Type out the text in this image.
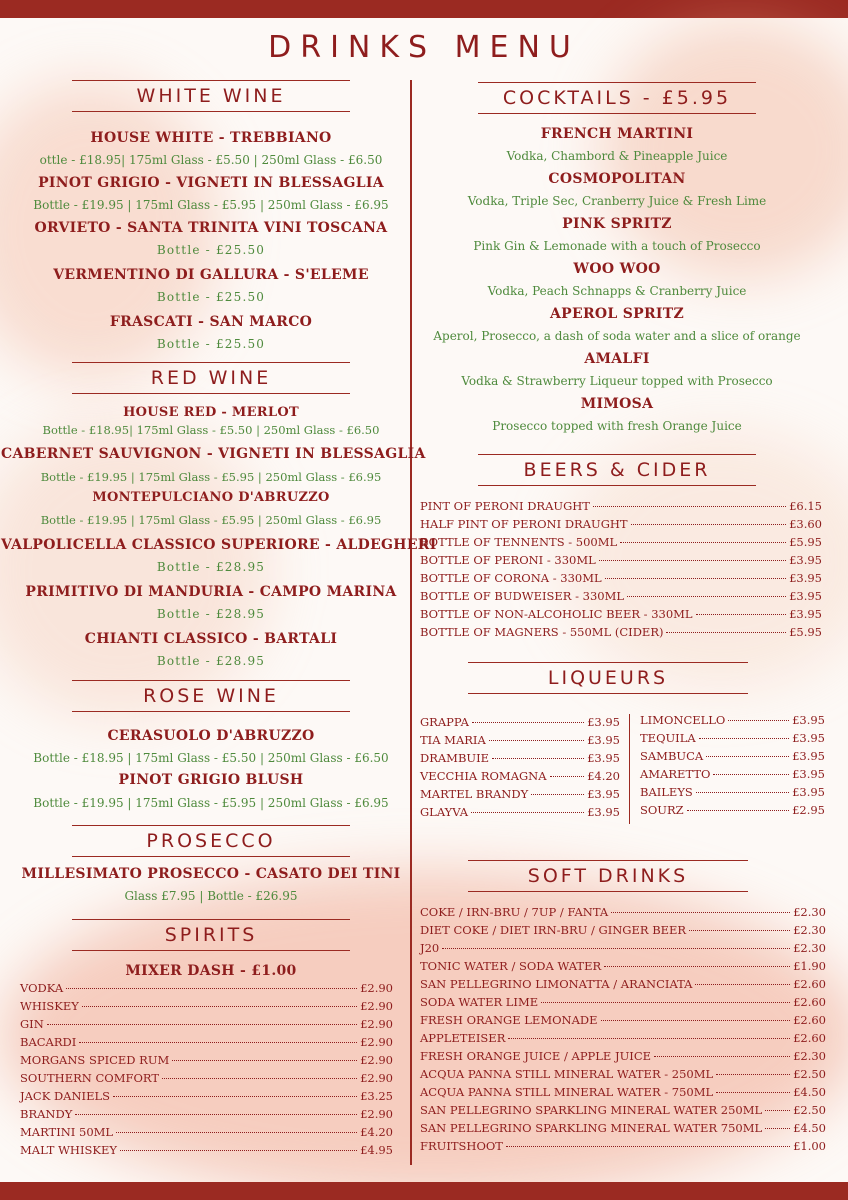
DRINKS MENU
WHITE WINE
HOUSE WHITE - TREBBIANO
ottle - £18.95| 175ml Glass - £5.50 | 250ml Glass - £6.50
PINOT GRIGIO - VIGNETI IN BLESSAGLIA
Bottle - £19.95 | 175ml Glass - £5.95 | 250ml Glass - £6.95
ORVIETO - SANTA TRINITA VINI TOSCANA
Bottle - £25.50
VERMENTINO DI GALLURA - S'ELEME
Bottle - £25.50
FRASCATI - SAN MARCO
Bottle - £25.50
RED WINE
HOUSE RED - MERLOT
Bottle - £18.95| 175ml Glass - £5.50 | 250ml Glass - £6.50
CABERNET SAUVIGNON - VIGNETI IN BLESSAGLIA
Bottle - £19.95 | 175ml Glass - £5.95 | 250ml Glass - £6.95
MONTEPULCIANO D'ABRUZZO
Bottle - £19.95 | 175ml Glass - £5.95 | 250ml Glass - £6.95
VALPOLICELLA CLASSICO SUPERIORE - ALDEGHERI
Bottle - £28.95
PRIMITIVO DI MANDURIA - CAMPO MARINA
Bottle - £28.95
CHIANTI CLASSICO - BARTALI
Bottle - £28.95
ROSE WINE
CERASUOLO D'ABRUZZO
Bottle - £18.95 | 175ml Glass - £5.50 | 250ml Glass - £6.50
PINOT GRIGIO BLUSH
Bottle - £19.95 | 175ml Glass - £5.95 | 250ml Glass - £6.95
PROSECCO
MILLESIMATO PROSECCO - CASATO DEI TINI
Glass £7.95 | Bottle - £26.95
SPIRITS
MIXER DASH - £1.00
VODKA	£2.90
WHISKEY	£2.90
GIN	£2.90
BACARDI	£2.90
MORGANS SPICED RUM	£2.90
SOUTHERN COMFORT	£2.90
JACK DANIELS	£3.25
BRANDY	£2.90
MARTINI 50ML	£4.20
MALT WHISKEY	£4.95
COCKTAILS - £5.95
FRENCH MARTINI
Vodka, Chambord & Pineapple Juice
COSMOPOLITAN
Vodka, Triple Sec, Cranberry Juice & Fresh Lime
PINK SPRITZ
Pink Gin & Lemonade with a touch of Prosecco
WOO WOO
Vodka, Peach Schnapps & Cranberry Juice
APEROL SPRITZ
Aperol, Prosecco, a dash of soda water and a slice of orange
AMALFI
Vodka & Strawberry Liqueur topped with Prosecco
MIMOSA
Prosecco topped with fresh Orange Juice
BEERS & CIDER
PINT OF PERONI DRAUGHT	£6.15
HALF PINT OF PERONI DRAUGHT	£3.60
BOTTLE OF TENNENTS - 500ML	£5.95
BOTTLE OF PERONI - 330ML	£3.95
BOTTLE OF CORONA - 330ML	£3.95
BOTTLE OF BUDWEISER - 330ML	£3.95
BOTTLE OF NON-ALCOHOLIC BEER - 330ML	£3.95
BOTTLE OF MAGNERS - 550ML (CIDER)	£5.95
LIQUEURS
GRAPPA	£3.95
TIA MARIA	£3.95
DRAMBUIE	£3.95
VECCHIA ROMAGNA	£4.20
MARTEL BRANDY	£3.95
GLAYVA	£3.95
LIMONCELLO	£3.95
TEQUILA	£3.95
SAMBUCA	£3.95
AMARETTO	£3.95
BAILEYS	£3.95
SOURZ	£2.95
SOFT DRINKS
COKE / IRN-BRU / 7UP / FANTA	£2.30
DIET COKE / DIET IRN-BRU / GINGER BEER	£2.30
J20	£2.30
TONIC WATER / SODA WATER	£1.90
SAN PELLEGRINO LIMONATTA / ARANCIATA	£2.60
SODA WATER LIME	£2.60
FRESH ORANGE LEMONADE	£2.60
APPLETEISER	£2.60
FRESH ORANGE JUICE / APPLE JUICE	£2.30
ACQUA PANNA STILL MINERAL WATER - 250ML	£2.50
ACQUA PANNA STILL MINERAL WATER - 750ML	£4.50
SAN PELLEGRINO SPARKLING MINERAL WATER 250ML	£2.50
SAN PELLEGRINO SPARKLING MINERAL WATER 750ML	£4.50
FRUITSHOOT	£1.00
